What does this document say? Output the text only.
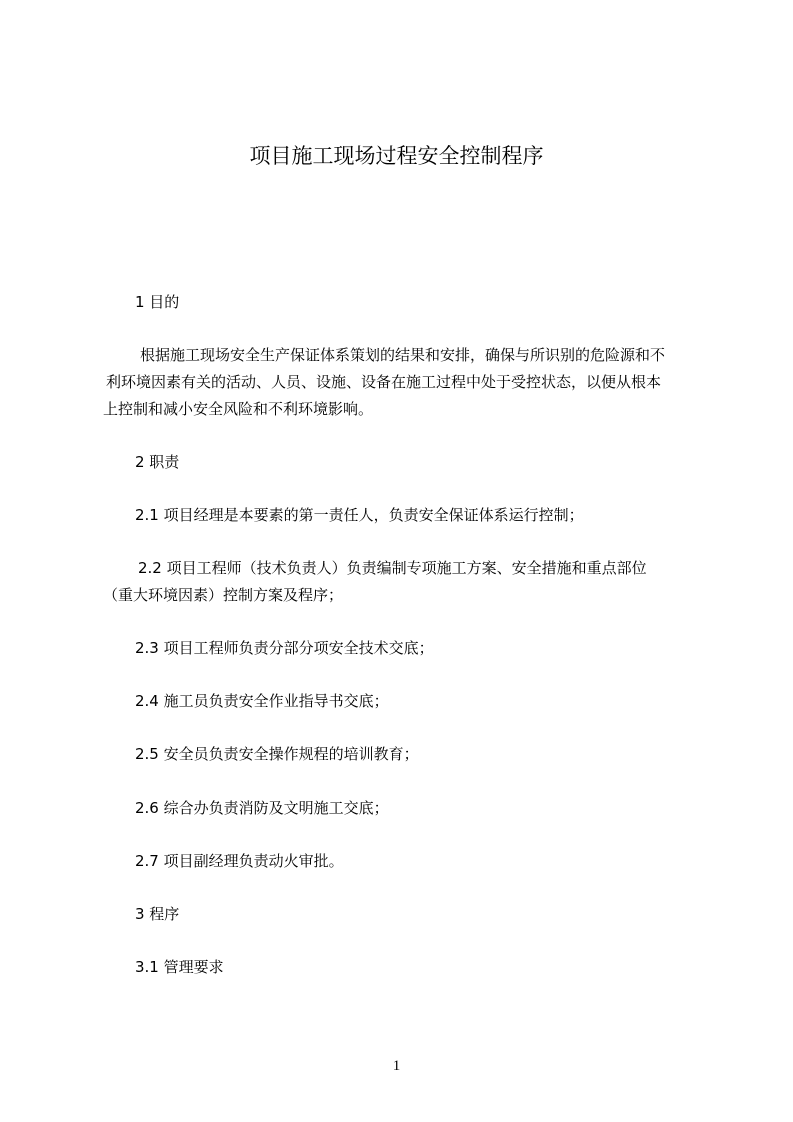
项目施工现场过程安全控制程序
1 目的
根据施工现场安全生产保证体系策划的结果和安排，确保与所识别的危险源和不
利环境因素有关的活动、人员、设施、设备在施工过程中处于受控状态，以便从根本
上控制和减小安全风险和不利环境影响。
2 职责
2.1 项目经理是本要素的第一责任人，负责安全保证体系运行控制；
2.2 项目工程师（技术负责人）负责编制专项施工方案、安全措施和重点部位
（重大环境因素）控制方案及程序；
2.3 项目工程师负责分部分项安全技术交底；
2.4 施工员负责安全作业指导书交底；
2.5 安全员负责安全操作规程的培训教育；
2.6 综合办负责消防及文明施工交底；
2.7 项目副经理负责动火审批。
3 程序
3.1 管理要求
1
